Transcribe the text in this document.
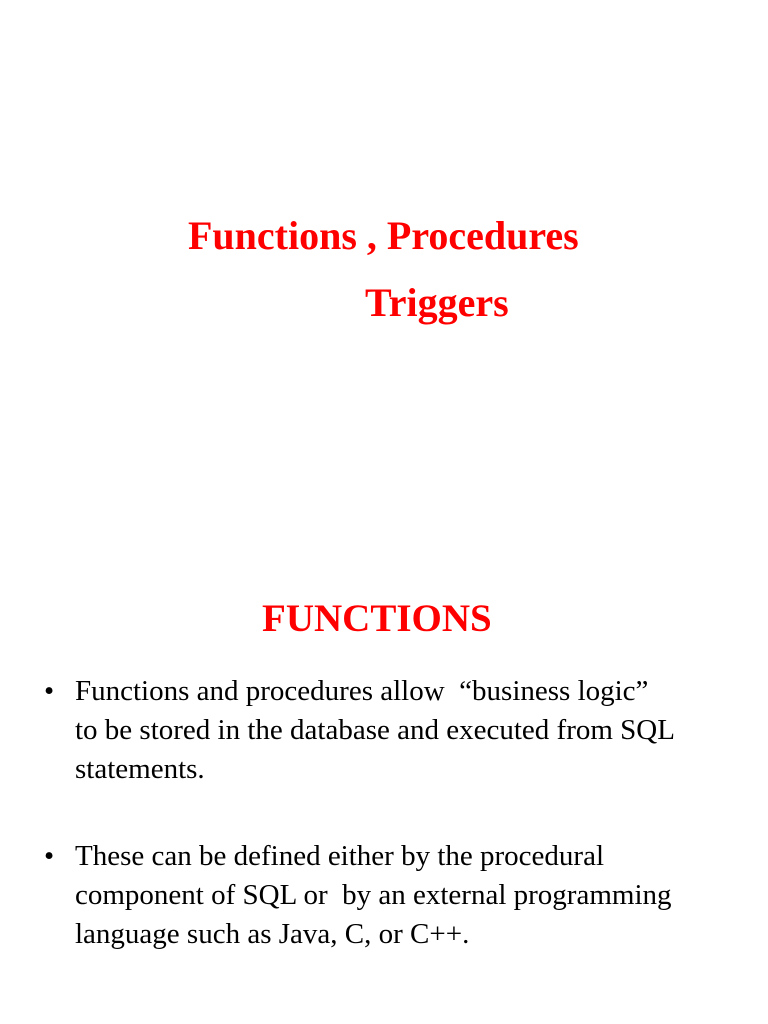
Functions , Procedures
Triggers
FUNCTIONS
• Functions and procedures allow  “business logic”
to be stored in the database and executed from SQL
statements.
• These can be defined either by the procedural
component of SQL or  by an external programming
language such as Java, C, or C++.
